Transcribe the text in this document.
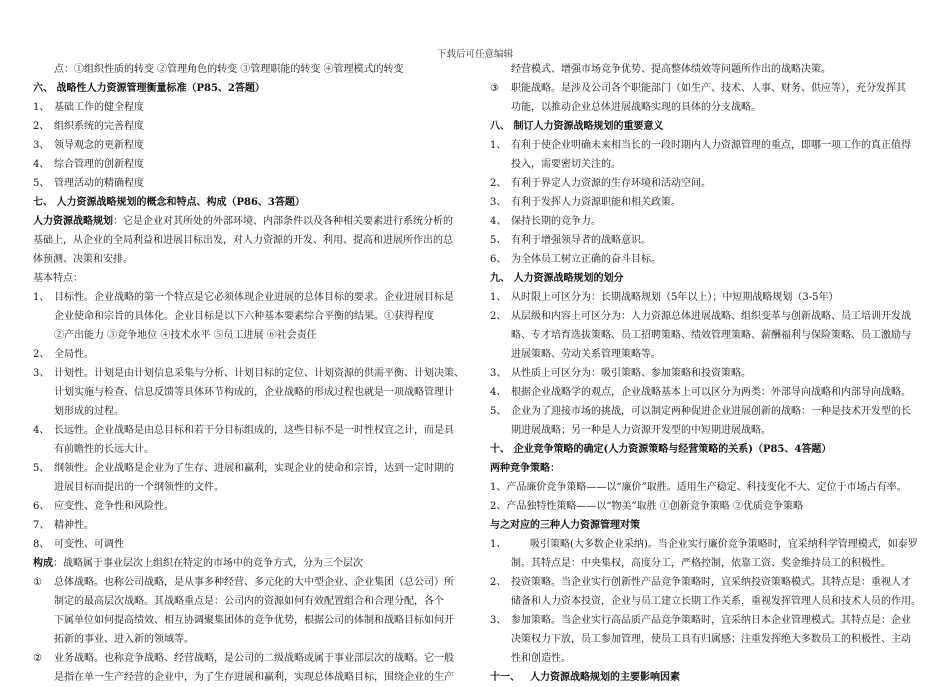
下载后可任意编辑
点：①组织性质的转变 ②管理角色的转变 ③管理职能的转变 ④管理模式的转变
六、 战略性人力资源管理衡量标准（P85、2答题）
1、 基础工作的健全程度
2、 组织系统的完善程度
3、 领导观念的更新程度
4、 综合管理的创新程度
5、 管理活动的精确程度
七、 人力资源战略规划的概念和特点、构成（P86、3答题）
人力资源战略规划：它是企业对其所处的外部环境、内部条件以及各种相关要素进行系统分析的
基础上，从企业的全局利益和进展目标出发，对人力资源的开发、利用、提高和进展所作出的总
体预测、决策和安排。
基本特点：
1、 目标性。企业战略的第一个特点是它必须体现企业进展的总体目标的要求。企业进展目标是
企业使命和宗旨的具体化。企业目标是以下六种基本要素综合平衡的结果。①获得程度
②产出能力 ③竞争地位 ④技术水平 ⑤员工进展 ⑥社会责任
2、 全局性。
3、 计划性。计划是由计划信息采集与分析、计划目标的定位、计划资源的供需平衡、计划决策、
计划实施与检查、信息反馈等具体环节构成的，企业战略的形成过程也就是一项战略管理计
划形成的过程。
4、 长远性。企业战略是由总目标和若干分目标组成的，这些目标不是一时性权宜之计，而是具
有前瞻性的长远大计。
5、 纲领性。企业战略是企业为了生存、进展和赢利，实现企业的使命和宗旨，达到一定时期的
进展目标而提出的一个纲领性的文件。
6、 应变性、竞争性和风险性。
7、 精神性。
8、 可变性、可调性
构成：战略属于事业层次上组织在特定的市场中的竞争方式，分为三个层次
① 总体战略。也称公司战略，是从事多种经营、多元化的大中型企业、企业集团（总公司）所
制定的最高层次战略。其战略重点是：公司内的资源如何有效配置组合和合理分配，各个
下属单位如何提高绩效、相互协调聚集团体的竞争优势，根据公司的体制和战略目标如何开
拓新的事业、进入新的领域等。
② 业务战略。也称竞争战略、经营战略，是公司的二级战略或属于事业部层次的战略。它一般
是指在单一生产经营的企业中，为了生存进展和赢利，实现总体战略目标，围绕企业的生产
经营模式、增强市场竞争优势、提高整体绩效等问题所作出的战略决策。
③ 职能战略。是涉及公司各个职能部门（如生产、技术、人事、财务、供应等），充分发挥其
功能，以推动企业总体进展战略实现的具体的分支战略。
八、 制订人力资源战略规划的重要意义
1、 有利于使企业明确未来相当长的一段时期内人力资源管理的重点，即哪一项工作的真正值得
投入，需要密切关注的。
2、 有利于界定人力资源的生存环境和活动空间。
3、 有利于发挥人力资源职能和相关政策。
4、 保持长期的竞争力。
5、 有利于增强领导者的战略意识。
6、 为全体员工树立正确的奋斗目标。
九、 人力资源战略规划的划分
1、 从时限上可区分为：长期战略规划（5年以上）；中短期战略规划（3-5年）
2、 从层级和内容上可区分为：人力资源总体进展战略、组织变革与创新战略、员工培训开发战
略、专才培育选拔策略、员工招聘策略、绩效管理策略、薪酬福利与保险策略、员工激励与
进展策略、劳动关系管理策略等。
3、 从性质上可区分为：吸引策略、参加策略和投资策略。
4、 根据企业战略学的观点，企业战略基本上可以区分为两类：外部导向战略和内部导向战略。
5、 企业为了迎接市场的挑战，可以制定两种促进企业进展创新的战略：一种是技术开发型的长
期进展战略；另一种是人力资源开发型的中短期进展战略。
十、 企业竞争策略的确定(人力资源策略与经营策略的关系)（P85、4答题）
两种竞争策略：
1、产品廉价竞争策略——以“廉价”取胜。适用生产稳定、科技变化不大、定位于市场占有率。
2、产品独特性策略——以“物美”取胜 ①创新竞争策略 ②优质竞争策略
与之对应的三种人力资源管理对策
1、 吸引策略(大多数企业采纳)。当企业实行廉价竞争策略时，宜采纳科学管理模式，如泰罗
制。其特点是：中央集权，高度分工，严格控制，依靠工资、奖金维持员工的积极性。
2、 投资策略。当企业实行创新性产品竞争策略时，宜采纳投资策略模式。其特点是：重视人才
储备和人力资本投资，企业与员工建立长期工作关系，重视发挥管理人员和技术人员的作用。
3、 参加策略。当企业实行高品质产品竞争策略时，宜采纳日本企业管理模式。其特点是：企业
决策权力下放，员工参加管理，使员工具有归属感；注重发挥绝大多数员工的积极性、主动
性和创造性。
十一、 人力资源战略规划的主要影响因素
